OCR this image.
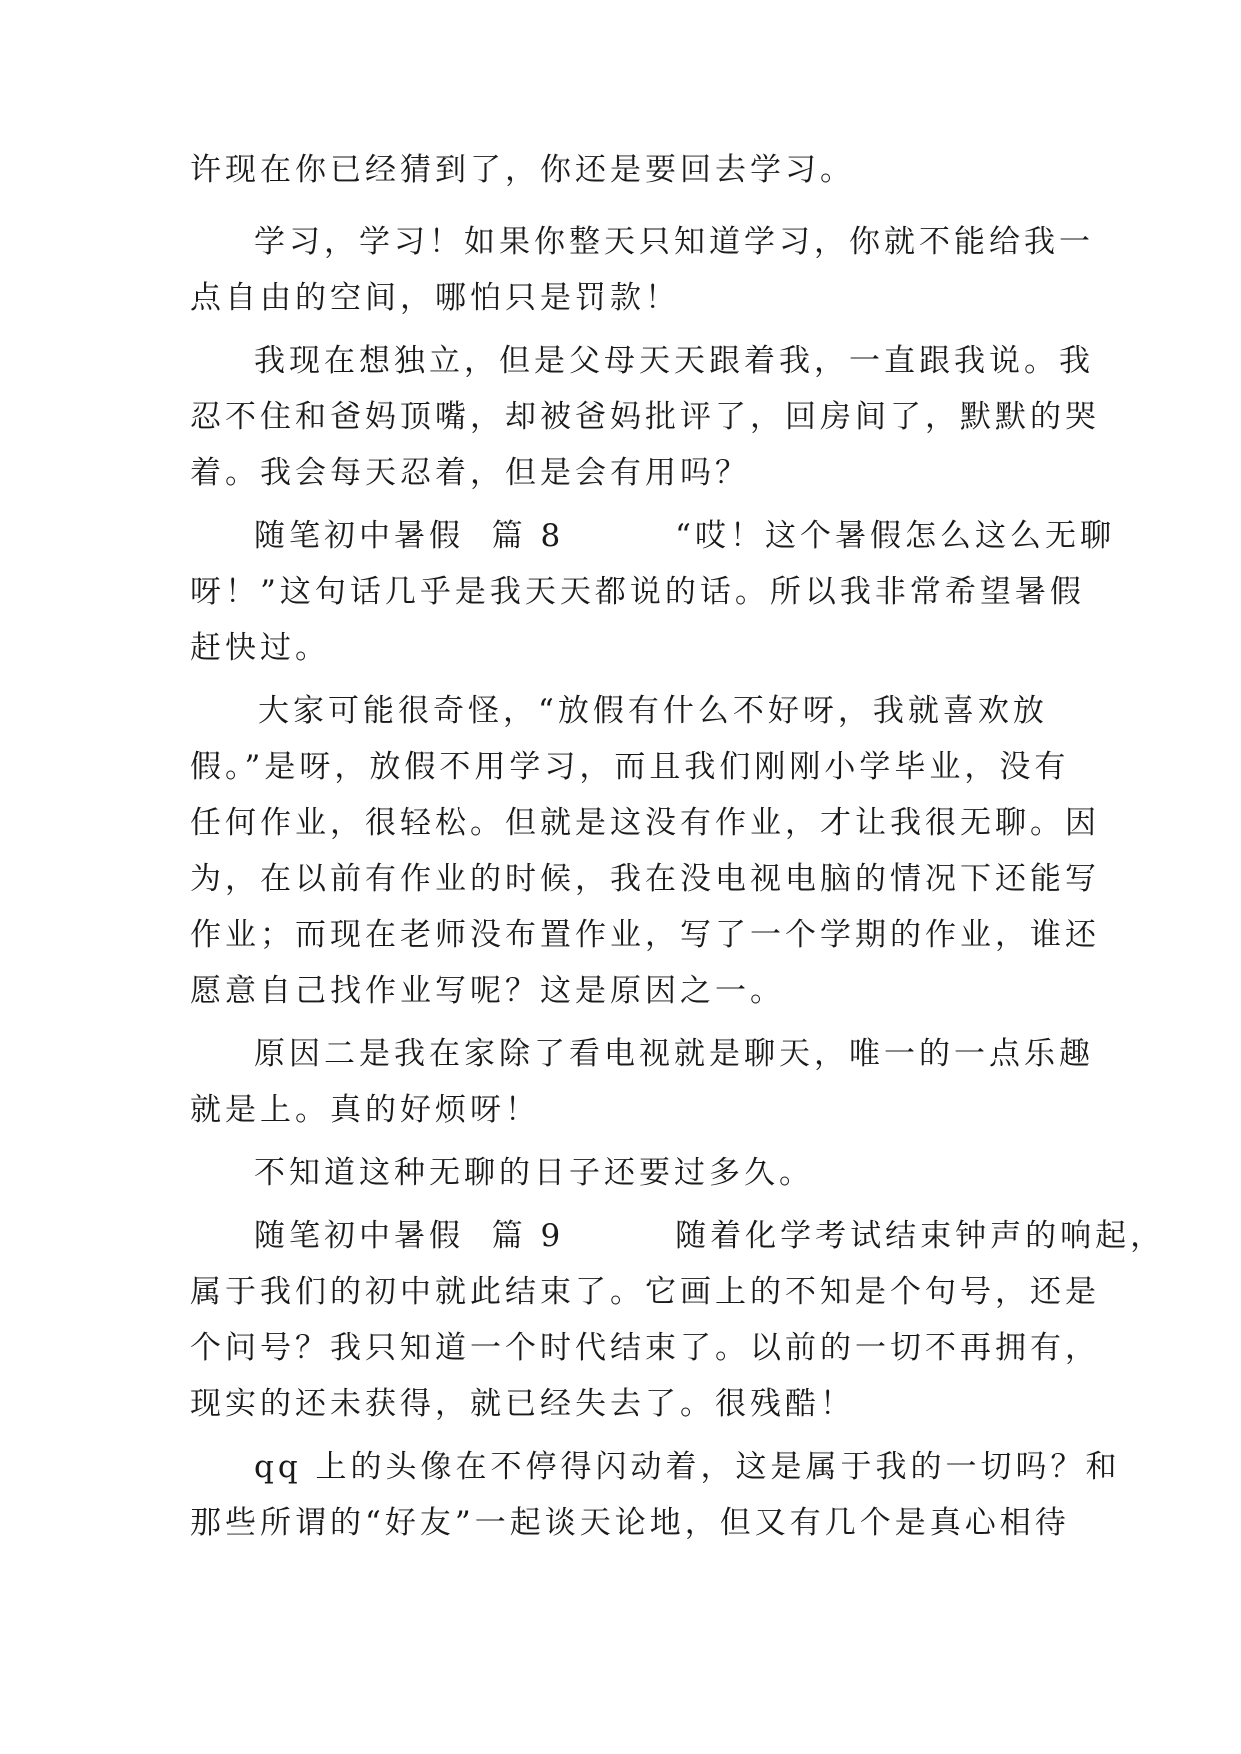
许现在你已经猜到了，你还是要回去学习。
学习，学习！如果你整天只知道学习，你就不能给我一
点自由的空间，哪怕只是罚款！
我现在想独立，但是父母天天跟着我，一直跟我说。我
忍不住和爸妈顶嘴，却被爸妈批评了，回房间了，默默的哭
着。我会每天忍着，但是会有用吗？
随笔初中暑假  篇 8        “哎！这个暑假怎么这么无聊
呀！”这句话几乎是我天天都说的话。所以我非常希望暑假
赶快过。
大家可能很奇怪，“放假有什么不好呀，我就喜欢放
假。”是呀，放假不用学习，而且我们刚刚小学毕业，没有
任何作业，很轻松。但就是这没有作业，才让我很无聊。因
为，在以前有作业的时候，我在没电视电脑的情况下还能写
作业；而现在老师没布置作业，写了一个学期的作业，谁还
愿意自己找作业写呢？这是原因之一。
原因二是我在家除了看电视就是聊天，唯一的一点乐趣
就是上。真的好烦呀！
不知道这种无聊的日子还要过多久。
随笔初中暑假  篇 9        随着化学考试结束钟声的响起，
属于我们的初中就此结束了。它画上的不知是个句号，还是
个问号？我只知道一个时代结束了。以前的一切不再拥有，
现实的还未获得，就已经失去了。很残酷！
qq 上的头像在不停得闪动着，这是属于我的一切吗？和
那些所谓的“好友”一起谈天论地，但又有几个是真心相待
